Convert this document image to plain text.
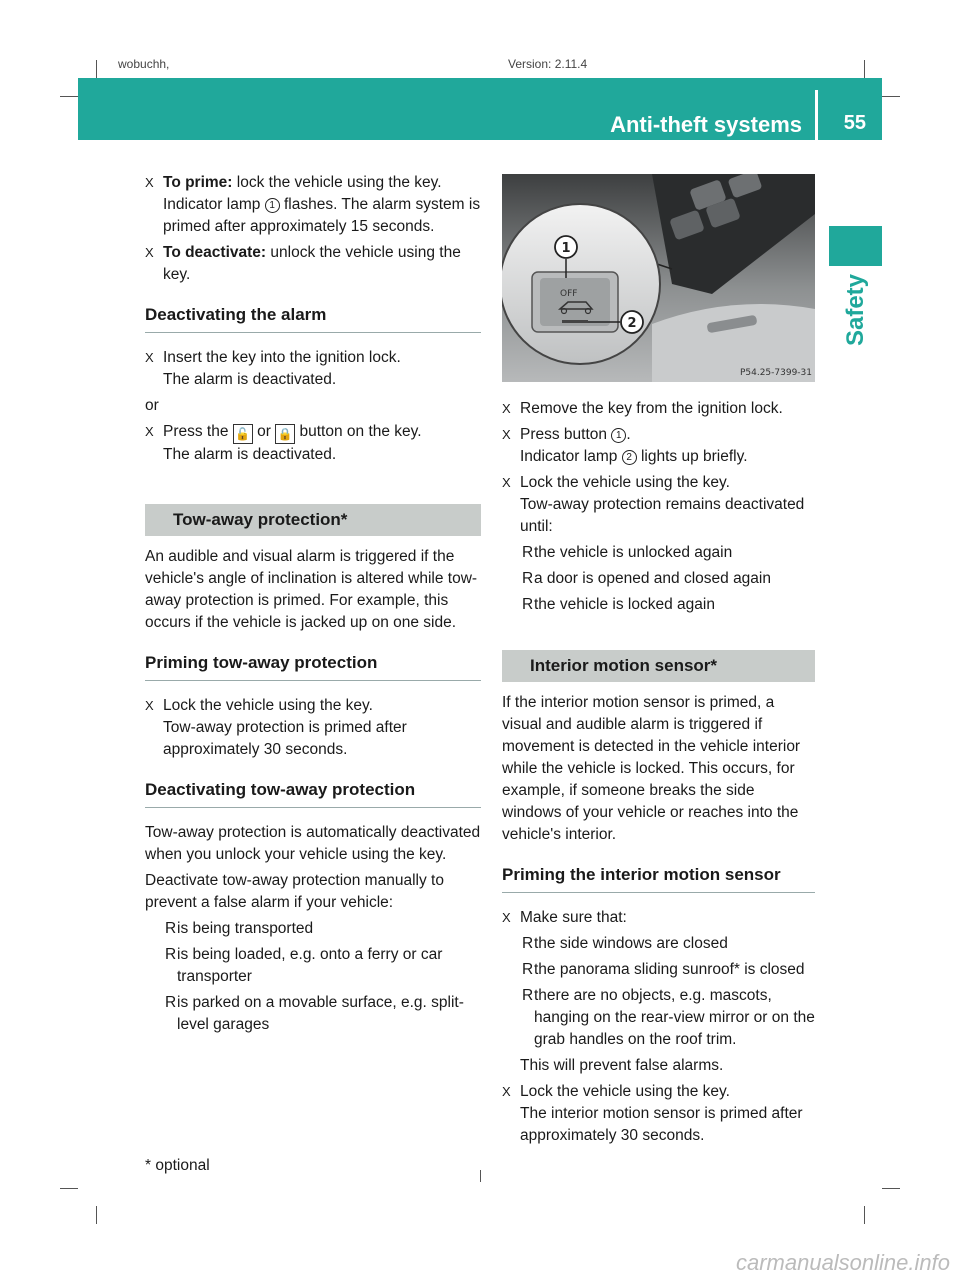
wobuchh,	Version: 2.11.4
Anti-theft systems 55
Safety
X To prime: lock the vehicle using the key.
Indicator lamp 1 flashes. The alarm system is primed after approximately 15 seconds.
X To deactivate: unlock the vehicle using the key.
Deactivating the alarm
X Insert the key into the ignition lock.
The alarm is deactivated.

or

X Press the 🔓 or 🔒 button on the key.
The alarm is deactivated.
Tow-away protection*

An audible and visual alarm is triggered if the vehicle's angle of inclination is altered while tow-away protection is primed. For example, this occurs if the vehicle is jacked up on one side.

Priming tow-away protection
X Lock the vehicle using the key.
Tow-away protection is primed after approximately 30 seconds.
Deactivating tow-away protection

Tow-away protection is automatically deactivated when you unlock your vehicle using the key.

Deactivate tow-away protection manually to prevent a false alarm if your vehicle:

R is being transported
R is being loaded, e.g. onto a ferry or car transporter
R is parked on a movable surface, e.g. split-level garages
OFF
1
2
P54.25-7399-31
X Remove the key from the ignition lock.
X Press button 1 .
Indicator lamp 2 lights up briefly.
X Lock the vehicle using the key.
Tow-away protection remains deactivated until:
R the vehicle is unlocked again
R a door is opened and closed again
R the vehicle is locked again
Interior motion sensor*

If the interior motion sensor is primed, a visual and audible alarm is triggered if movement is detected in the vehicle interior while the vehicle is locked. This occurs, for example, if someone breaks the side windows of your vehicle or reaches into the vehicle's interior.

Priming the interior motion sensor
X Make sure that:
R the side windows are closed
R the panorama sliding sunroof* is closed
R there are no objects, e.g. mascots, hanging on the rear-view mirror or on the grab handles on the roof trim.
This will prevent false alarms.
X Lock the vehicle using the key.
The interior motion sensor is primed after approximately 30 seconds.
* optional
carmanualsonline.info
